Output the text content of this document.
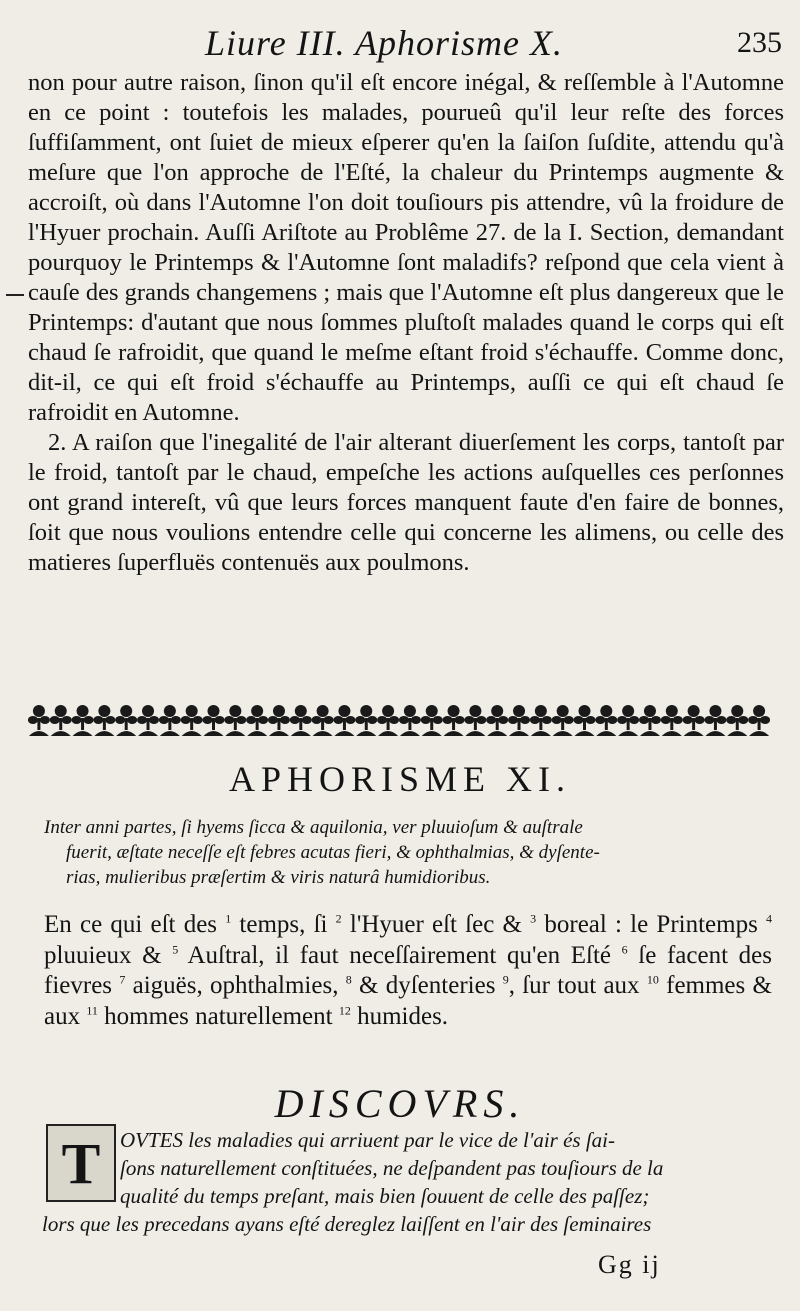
Liure III. Aphorisme X.	235

non pour autre raison, ſinon qu'il eſt encore inégal, & reſſemble à l'Automne en ce point : toutefois les malades, pourueû qu'il leur reſte des forces ſuffiſamment, ont ſuiet de mieux eſperer qu'en la ſaiſon ſuſdite, attendu qu'à meſure que l'on approche de l'Eſté, la chaleur du Printemps augmente & accroiſt, où dans l'Automne l'on doit touſiours pis attendre, vû la froidure de l'Hyuer prochain. Auſſi Ariſtote au Problême 27. de la I. Section, demandant pourquoy le Printemps & l'Automne ſont maladifs? reſpond que cela vient à cauſe des grands changemens ; mais que l'Automne eſt plus dangereux que le Printemps: d'autant que nous ſommes pluſtoſt malades quand le corps qui eſt chaud ſe rafroidit, que quand le meſme eſtant froid s'échauffe. Comme donc, dit-il, ce qui eſt froid s'échauffe au Printemps, auſſi ce qui eſt chaud ſe rafroidit en Automne.

2. A raiſon que l'inegalité de l'air alterant diuerſement les corps, tantoſt par le froid, tantoſt par le chaud, empeſche les actions auſquelles ces perſonnes ont grand intereſt, vû que leurs forces manquent faute d'en faire de bonnes, ſoit que nous voulions entendre celle qui concerne les alimens, ou celle des matieres ſuperfluës contenuës aux poulmons.

APHORISME XI.
Inter anni partes, ſi hyems ſicca & aquilonia, ver pluuioſum & auſtrale
fuerit, æſtate neceſſe eſt febres acutas fieri, & ophthalmias, & dyſente-
rias, mulieribus præſertim & viris naturâ humidioribus.
En ce qui eſt des $^1$ temps, ſi $^2$ l'Hyuer eſt ſec & $^3$ boreal : le Printemps $^4$ pluuieux & $^5$ Auſtral, il faut neceſſairement qu'en Eſté $^6$ ſe facent des fievres $^7$ aiguës, ophthalmies, $^8$ & dyſenteries $^9$, ſur tout aux $^{10}$ femmes & aux $^{11}$ hommes naturellement $^{12}$ humides.
DISCOVRS.
T OVTES les maladies qui arriuent par le vice de l'air és ſai-
ſons naturellement conſtituées, ne deſpandent pas touſiours de la
qualité du temps preſant, mais bien ſouuent de celle des paſſez;
lors que les precedans ayans eſté dereglez laiſſent en l'air des ſeminaires
Gg ij
